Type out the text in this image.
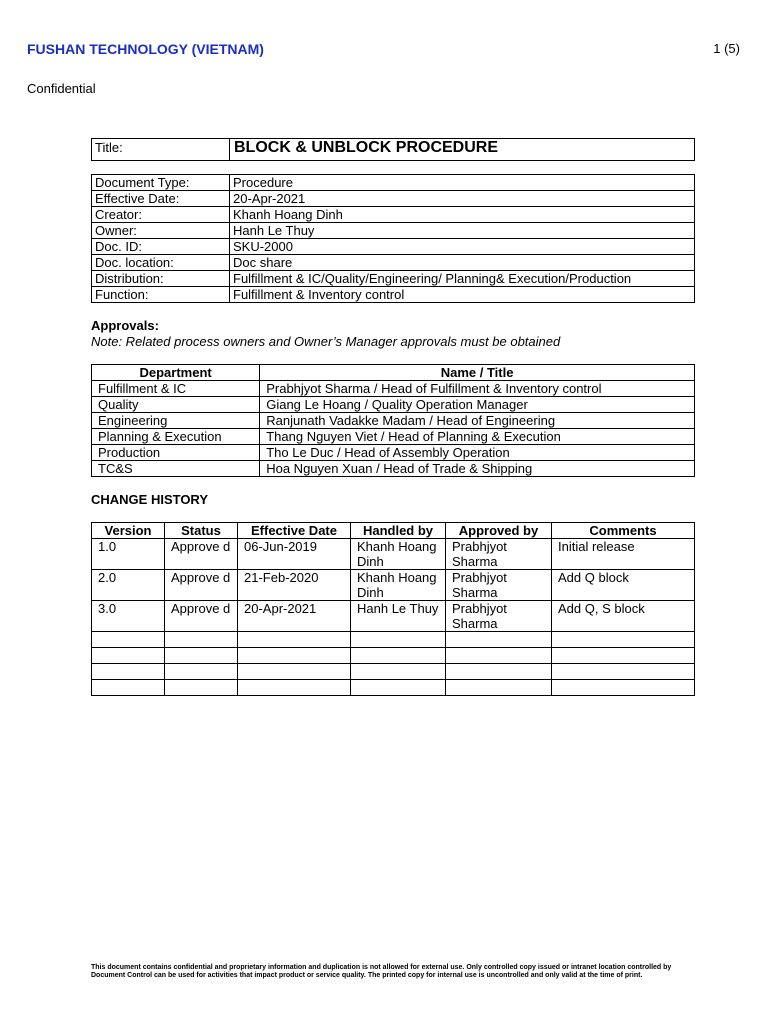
FUSHAN TECHNOLOGY (VIETNAM)	1 (5)
Confidential
Title:	BLOCK & UNBLOCK PROCEDURE
Document Type:	Procedure
Effective Date:	20-Apr-2021
Creator:	Khanh Hoang Dinh
Owner:	Hanh Le Thuy
Doc. ID:	SKU-2000
Doc. location:	Doc share
Distribution:	Fulfillment & IC/Quality/Engineering/ Planning& Execution/Production
Function:	Fulfillment & Inventory control
Approvals:
Note: Related process owners and Owner’s Manager approvals must be obtained
Department	Name / Title
Fulfillment & IC	Prabhjyot Sharma / Head of Fulfillment & Inventory control
Quality	Giang Le Hoang / Quality Operation Manager
Engineering	Ranjunath Vadakke Madam / Head of Engineering
Planning & Execution	Thang Nguyen Viet / Head of Planning & Execution
Production	Tho Le Duc / Head of Assembly Operation
TC&S	Hoa Nguyen Xuan / Head of Trade & Shipping
CHANGE HISTORY
Version	Status	Effective Date	Handled by	Approved by	Comments
1.0	Approve d	06-Jun-2019	Khanh Hoang Dinh	Prabhjyot Sharma	Initial release
2.0	Approve d	21-Feb-2020	Khanh Hoang Dinh	Prabhjyot Sharma	Add Q block
3.0	Approve d	20-Apr-2021	Hanh Le Thuy	Prabhjyot Sharma	Add Q, S block

This document contains confidential and proprietary information and duplication is not allowed for external use. Only controlled copy issued or intranet location controlled by Document Control can be used for activities that impact product or service quality. The printed copy for internal use is uncontrolled and only valid at the time of print.
